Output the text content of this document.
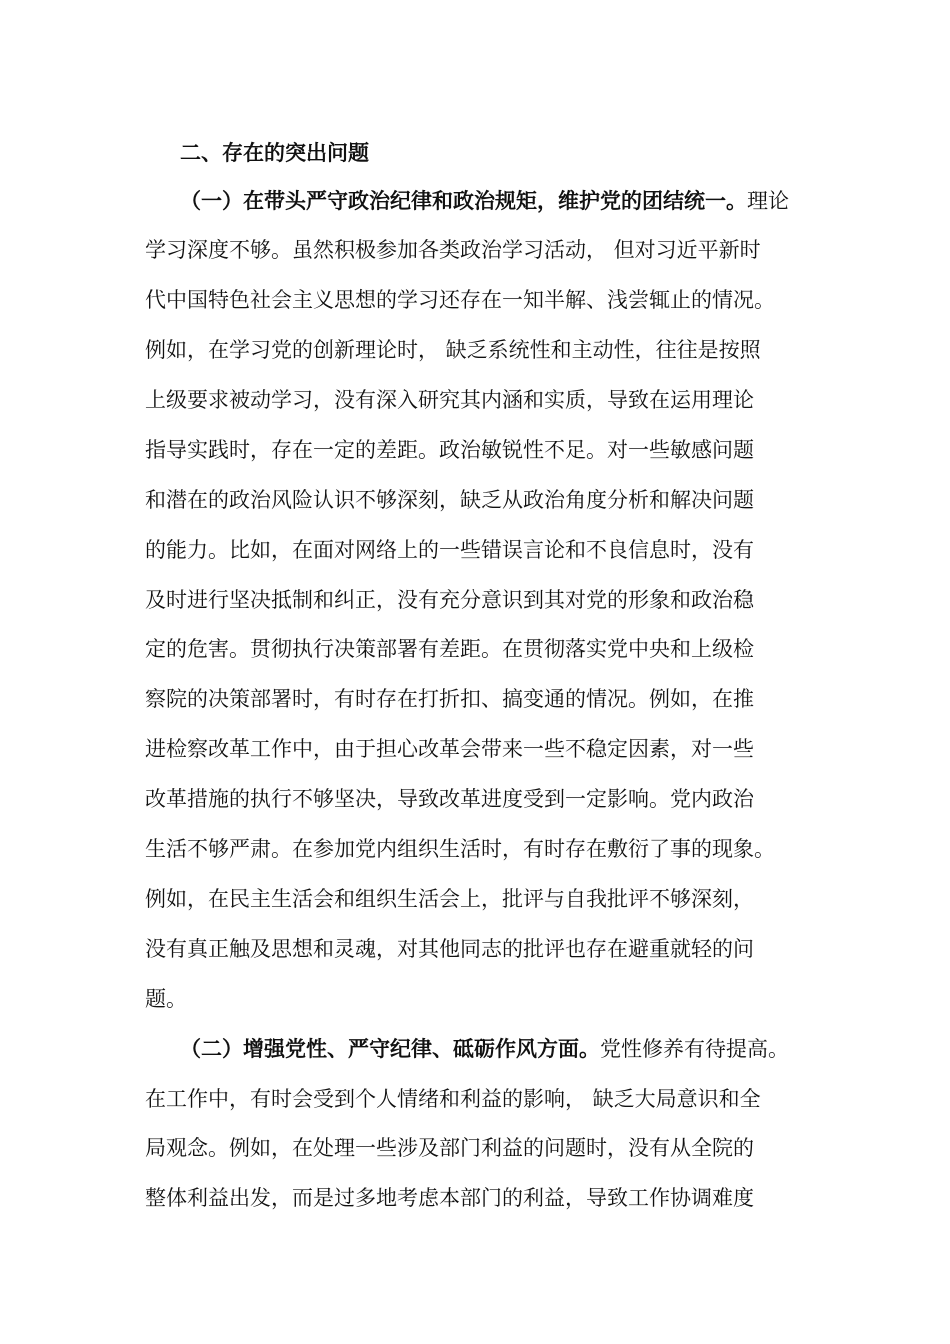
二、存在的突出问题
（一）在带头严守政治纪律和政治规矩，维护党的团结统一。理论
学习深度不够。虽然积极参加各类政治学习活动， 但对习近平新时
代中国特色社会主义思想的学习还存在一知半解、浅尝辄止的情况。
例如，在学习党的创新理论时， 缺乏系统性和主动性，往往是按照
上级要求被动学习，没有深入研究其内涵和实质，导致在运用理论
指导实践时，存在一定的差距。政治敏锐性不足。对一些敏感问题
和潜在的政治风险认识不够深刻，缺乏从政治角度分析和解决问题
的能力。比如，在面对网络上的一些错误言论和不良信息时，没有
及时进行坚决抵制和纠正，没有充分意识到其对党的形象和政治稳
定的危害。贯彻执行决策部署有差距。在贯彻落实党中央和上级检
察院的决策部署时，有时存在打折扣、搞变通的情况。例如，在推
进检察改革工作中，由于担心改革会带来一些不稳定因素，对一些
改革措施的执行不够坚决，导致改革进度受到一定影响。党内政治
生活不够严肃。在参加党内组织生活时，有时存在敷衍了事的现象。
例如，在民主生活会和组织生活会上，批评与自我批评不够深刻，
没有真正触及思想和灵魂，对其他同志的批评也存在避重就轻的问
题。
（二）增强党性、严守纪律、砥砺作风方面。党性修养有待提高。
在工作中，有时会受到个人情绪和利益的影响， 缺乏大局意识和全
局观念。例如，在处理一些涉及部门利益的问题时，没有从全院的
整体利益出发，而是过多地考虑本部门的利益，导致工作协调难度
